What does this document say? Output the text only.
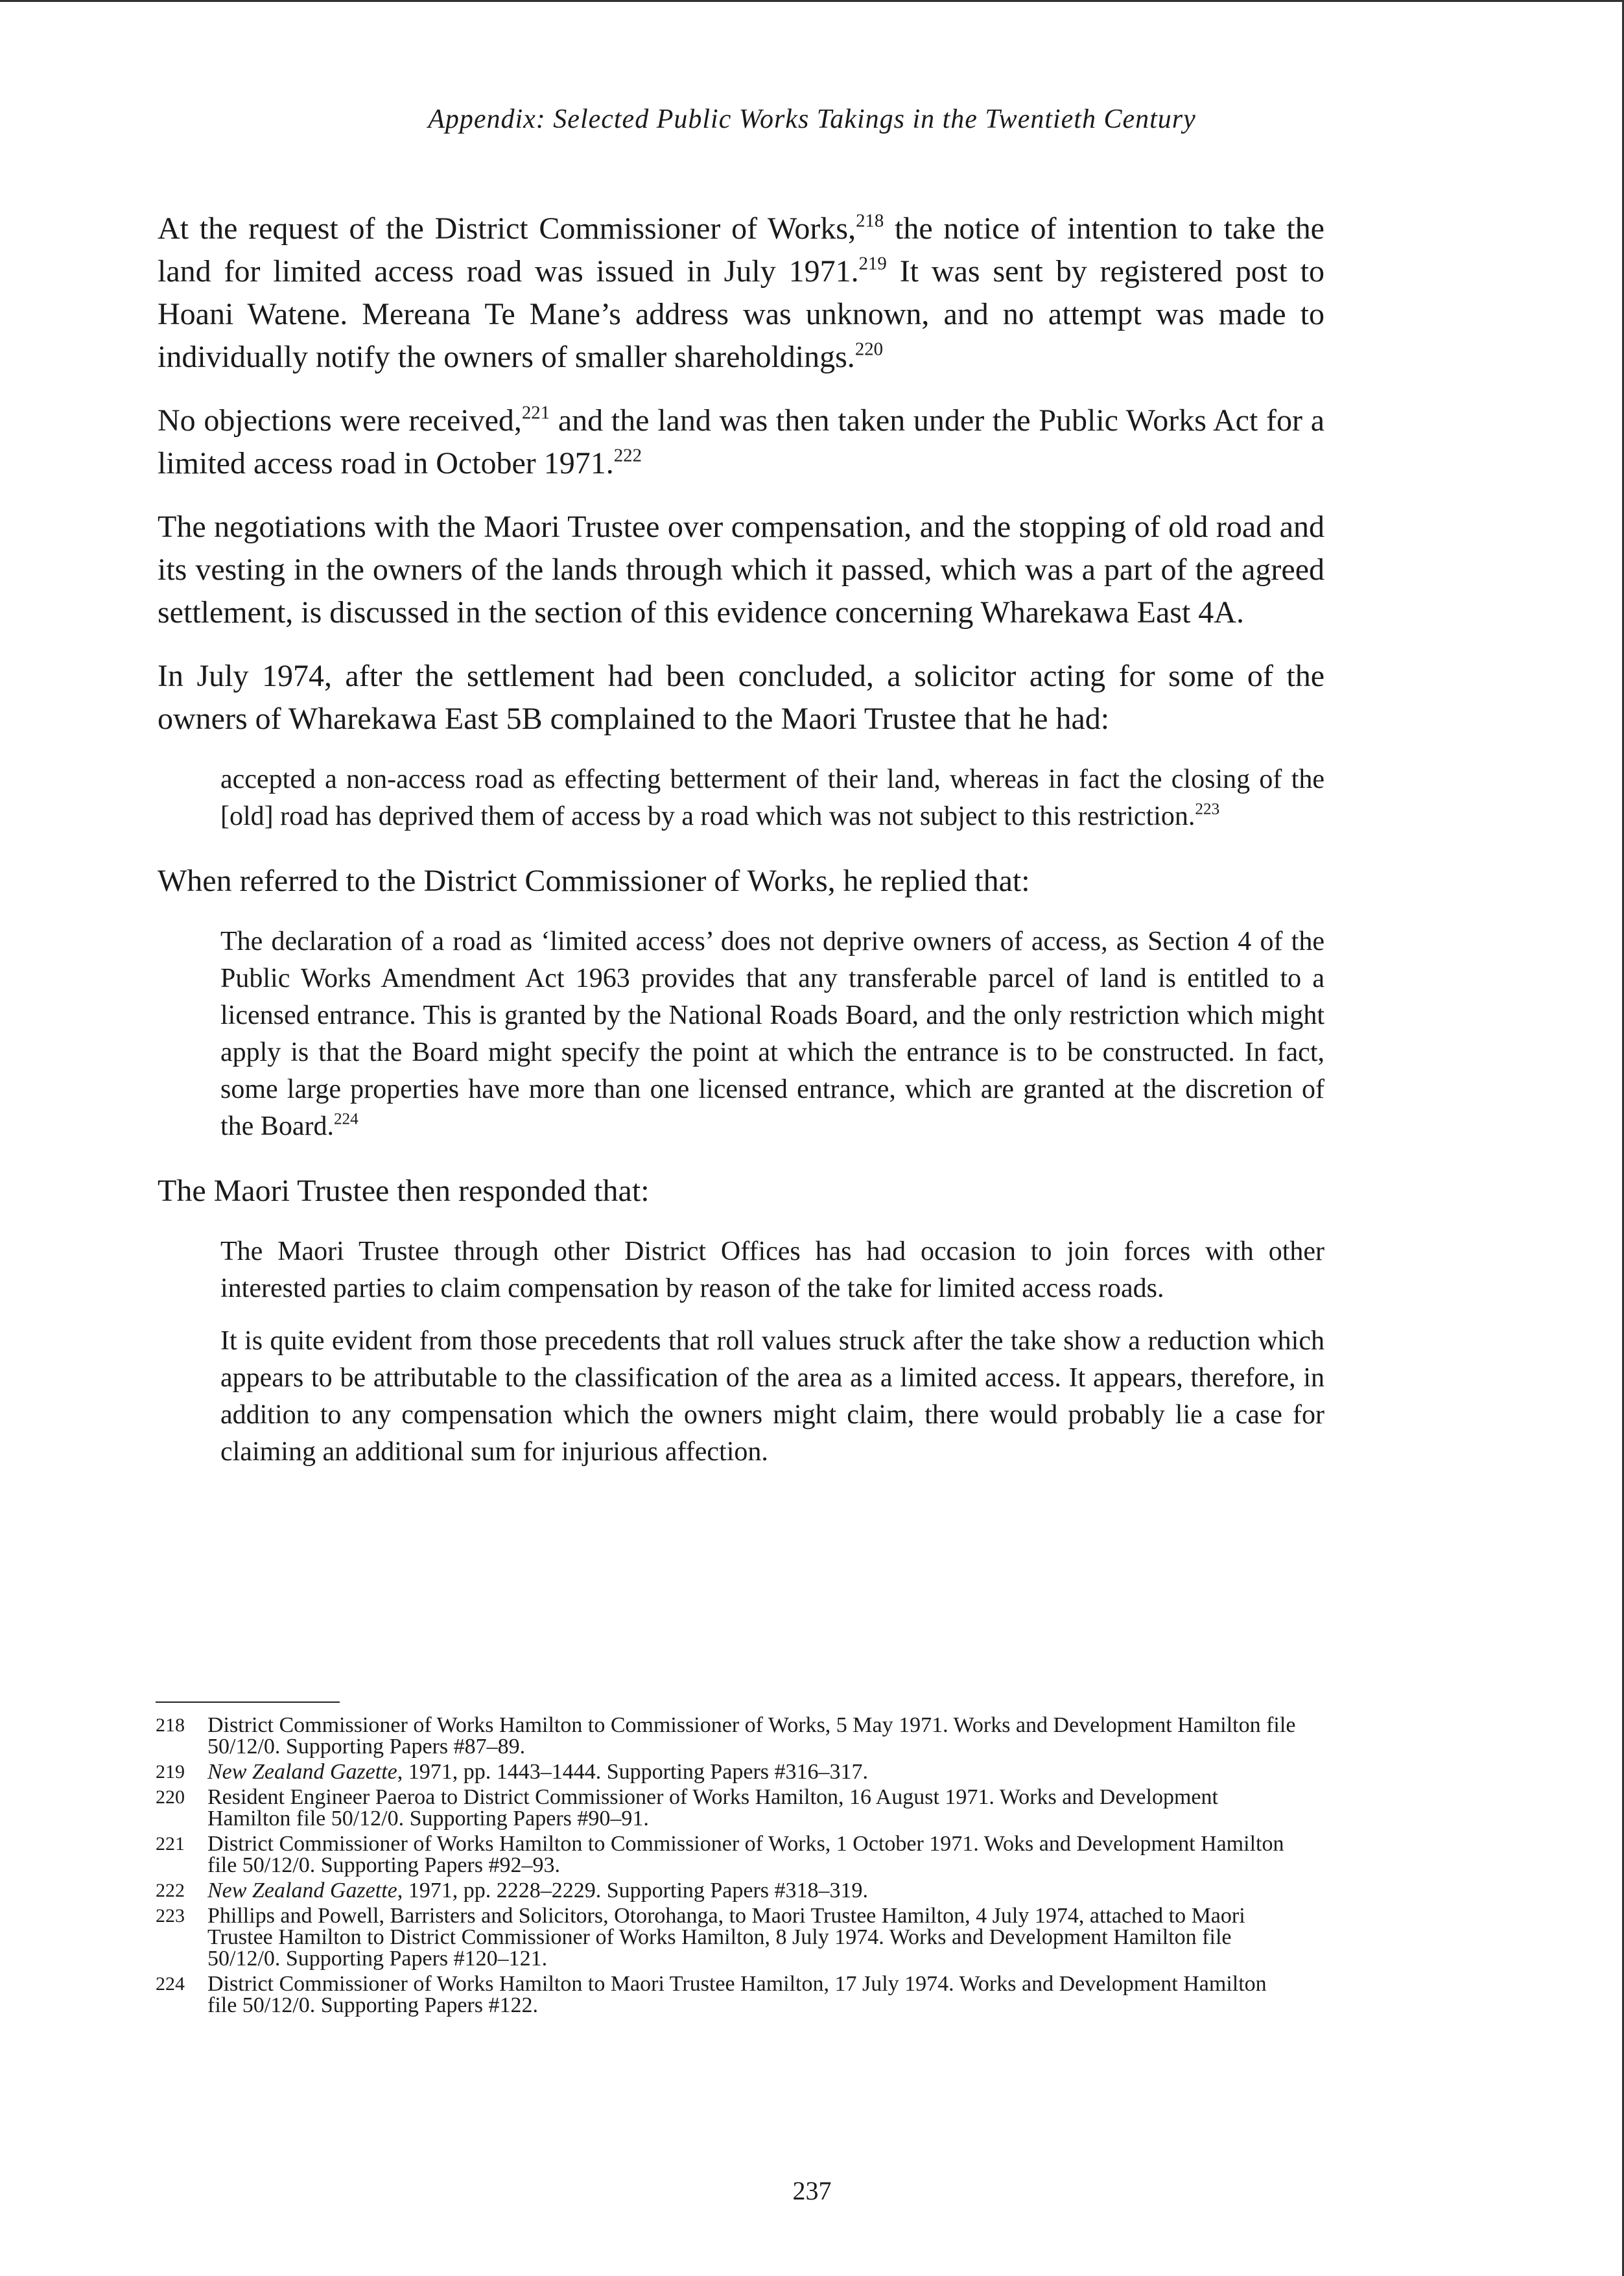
Appendix: Selected Public Works Takings in the Twentieth Century

At the request of the District Commissioner of Works,$^{218}$ the notice of intention to take the land for limited access road was issued in July 1971.$^{219}$ It was sent by registered post to Hoani Watene. Mereana Te Mane’s address was unknown, and no attempt was made to individually notify the owners of smaller shareholdings.$^{220}$

No objections were received,$^{221}$ and the land was then taken under the Public Works Act for a limited access road in October 1971.$^{222}$

The negotiations with the Maori Trustee over compensation, and the stopping of old road and its vesting in the owners of the lands through which it passed, which was a part of the agreed settlement, is discussed in the section of this evidence concerning Wharekawa East 4A.

In July 1974, after the settlement had been concluded, a solicitor acting for some of the owners of Wharekawa East 5B complained to the Maori Trustee that he had:

accepted a non-access road as effecting betterment of their land, whereas in fact the closing of the [old] road has deprived them of access by a road which was not subject to this restriction.$^{223}$

When referred to the District Commissioner of Works, he replied that:

The declaration of a road as ‘limited access’ does not deprive owners of access, as Section 4 of the Public Works Amendment Act 1963 provides that any transferable parcel of land is entitled to a licensed entrance. This is granted by the National Roads Board, and the only restriction which might apply is that the Board might specify the point at which the entrance is to be constructed. In fact, some large properties have more than one licensed entrance, which are granted at the discretion of the Board.$^{224}$

The Maori Trustee then responded that:

The Maori Trustee through other District Offices has had occasion to join forces with other interested parties to claim compensation by reason of the take for limited access roads.

It is quite evident from those precedents that roll values struck after the take show a reduction which appears to be attributable to the classification of the area as a limited access. It appears, therefore, in addition to any compensation which the owners might claim, there would probably lie a case for claiming an additional sum for injurious affection.

218	District Commissioner of Works Hamilton to Commissioner of Works, 5 May 1971. Works and Development Hamilton file 50/12/0. Supporting Papers #87–89.
219	New Zealand Gazette, 1971, pp. 1443–1444. Supporting Papers #316–317.
220	Resident Engineer Paeroa to District Commissioner of Works Hamilton, 16 August 1971. Works and Development Hamilton file 50/12/0. Supporting Papers #90–91.
221	District Commissioner of Works Hamilton to Commissioner of Works, 1 October 1971. Woks and Development Hamilton file 50/12/0. Supporting Papers #92–93.
222	New Zealand Gazette, 1971, pp. 2228–2229. Supporting Papers #318–319.
223	Phillips and Powell, Barristers and Solicitors, Otorohanga, to Maori Trustee Hamilton, 4 July 1974, attached to Maori Trustee Hamilton to District Commissioner of Works Hamilton, 8 July 1974. Works and Development Hamilton file 50/12/0. Supporting Papers #120–121.
224	District Commissioner of Works Hamilton to Maori Trustee Hamilton, 17 July 1974. Works and Development Hamilton file 50/12/0. Supporting Papers #122.
237
